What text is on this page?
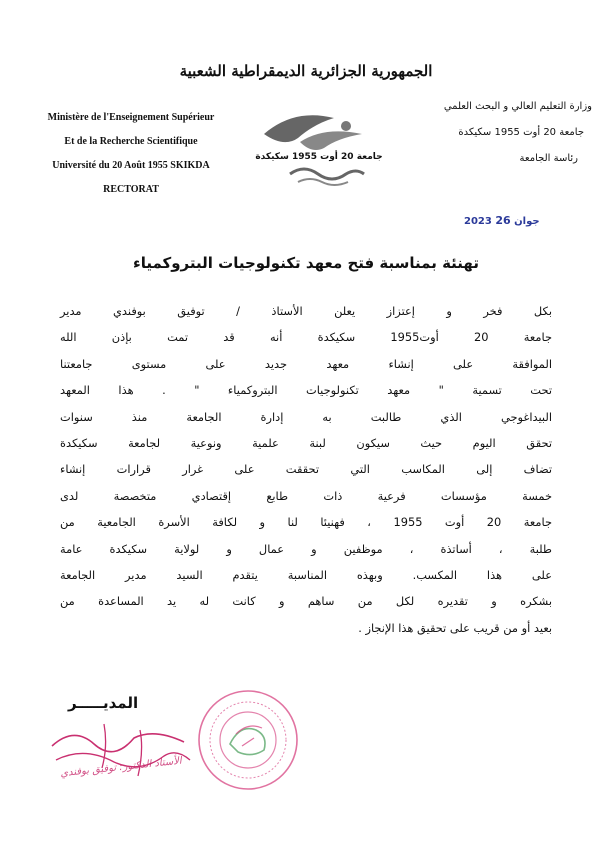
الجمهورية الجزائرية الديمقراطية الشعبية
Ministère de l'Enseignement Supérieur
Et de la Recherche Scientifique
Université du 20 Août 1955 SKIKDA
RECTORAT
وزارة التعليم العالي و البحث العلمي
جامعة 20 أوت 1955 سكيكدة
رئاسة الجامعة
جامعة 20 أوت 1955 سكيكدة
2023 جوان 26
تهنئة بمناسبة فتح معهد تكنولوجيات البتروكمياء
بكل فخر و إعتزاز يعلن الأستاذ / توفيق بوفندي مدير
جامعة 20 أوت1955 سكيكدة أنه قد تمت بإذن الله
الموافقة على إنشاء معهد جديد على مستوى جامعتنا
تحت تسمية " معهد تكنولوجيات البتروكمياء " . هذا المعهد
البيداغوجي الذي طالبت به إدارة الجامعة منذ سنوات
تحقق اليوم حيث سيكون لبنة علمية ونوعية لجامعة سكيكدة
تضاف إلى المكاسب التي تحققت على غرار قرارات إنشاء
خمسة مؤسسات فرعية ذات طابع إقتصادي متخصصة لدى
جامعة 20 أوت 1955 ، فهنيئا لنا و لكافة الأسرة الجامعية من
طلبة ، أساتذة ، موظفين و عمال و لولاية سكيكدة عامة
على هذا المكسب. وبهذه المناسبة يتقدم السيد مدير الجامعة
بشكره و تقديره لكل من ساهم و كانت له يد المساعدة من
بعيد أو من قريب على تحقيق هذا الإنجاز .
المديـــــر
الأستاذ الدكتور: توفيق بوفندي
